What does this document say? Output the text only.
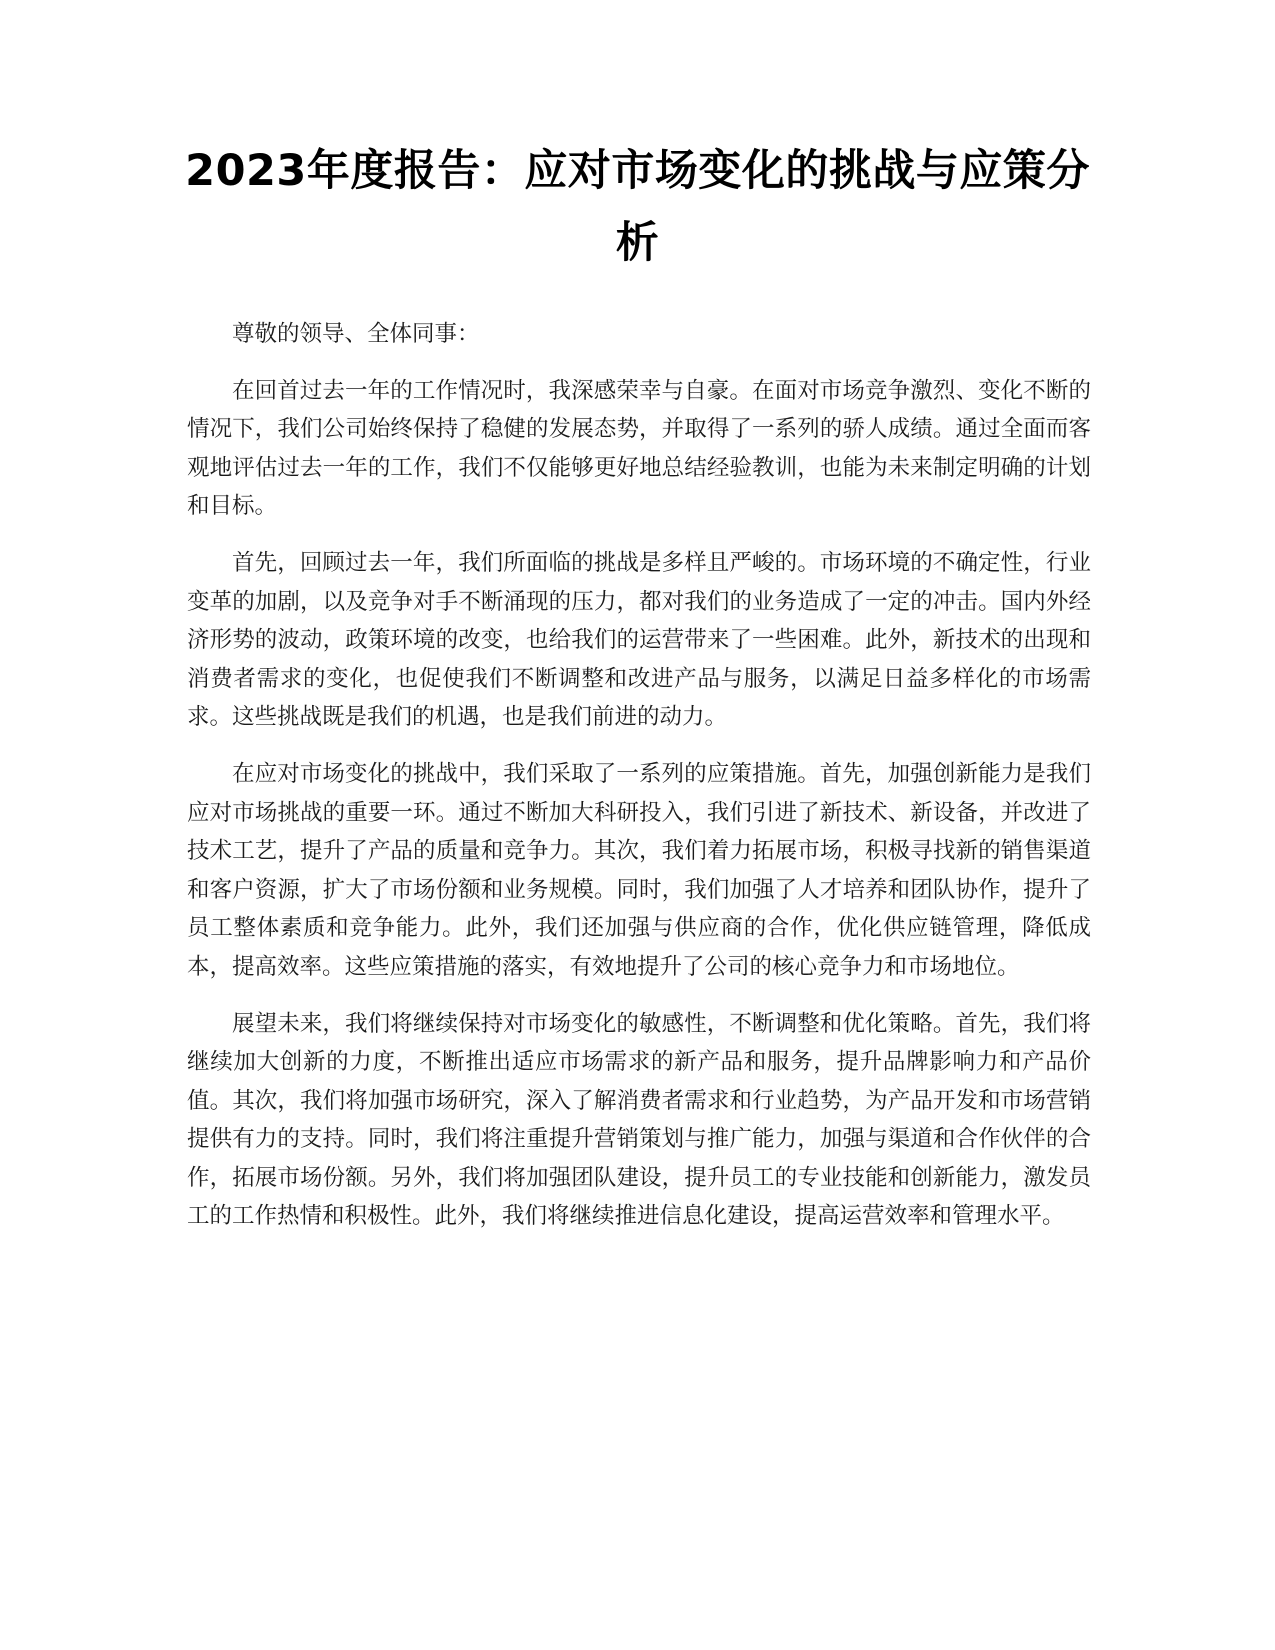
2023年度报告：应对市场变化的挑战与应策分析

尊敬的领导、全体同事：

在回首过去一年的工作情况时，我深感荣幸与自豪。在面对市场竞争激烈、变化不断的情况下，我们公司始终保持了稳健的发展态势，并取得了一系列的骄人成绩。通过全面而客观地评估过去一年的工作，我们不仅能够更好地总结经验教训，也能为未来制定明确的计划和目标。

首先，回顾过去一年，我们所面临的挑战是多样且严峻的。市场环境的不确定性，行业变革的加剧，以及竞争对手不断涌现的压力，都对我们的业务造成了一定的冲击。国内外经济形势的波动，政策环境的改变，也给我们的运营带来了一些困难。此外，新技术的出现和消费者需求的变化，也促使我们不断调整和改进产品与服务，以满足日益多样化的市场需求。这些挑战既是我们的机遇，也是我们前进的动力。

在应对市场变化的挑战中，我们采取了一系列的应策措施。首先，加强创新能力是我们应对市场挑战的重要一环。通过不断加大科研投入，我们引进了新技术、新设备，并改进了技术工艺，提升了产品的质量和竞争力。其次，我们着力拓展市场，积极寻找新的销售渠道和客户资源，扩大了市场份额和业务规模。同时，我们加强了人才培养和团队协作，提升了员工整体素质和竞争能力。此外，我们还加强与供应商的合作，优化供应链管理，降低成本，提高效率。这些应策措施的落实，有效地提升了公司的核心竞争力和市场地位。

展望未来，我们将继续保持对市场变化的敏感性，不断调整和优化策略。首先，我们将继续加大创新的力度，不断推出适应市场需求的新产品和服务，提升品牌影响力和产品价值。其次，我们将加强市场研究，深入了解消费者需求和行业趋势，为产品开发和市场营销提供有力的支持。同时，我们将注重提升营销策划与推广能力，加强与渠道和合作伙伴的合作，拓展市场份额。另外，我们将加强团队建设，提升员工的专业技能和创新能力，激发员工的工作热情和积极性。此外，我们将继续推进信息化建设，提高运营效率和管理水平。
